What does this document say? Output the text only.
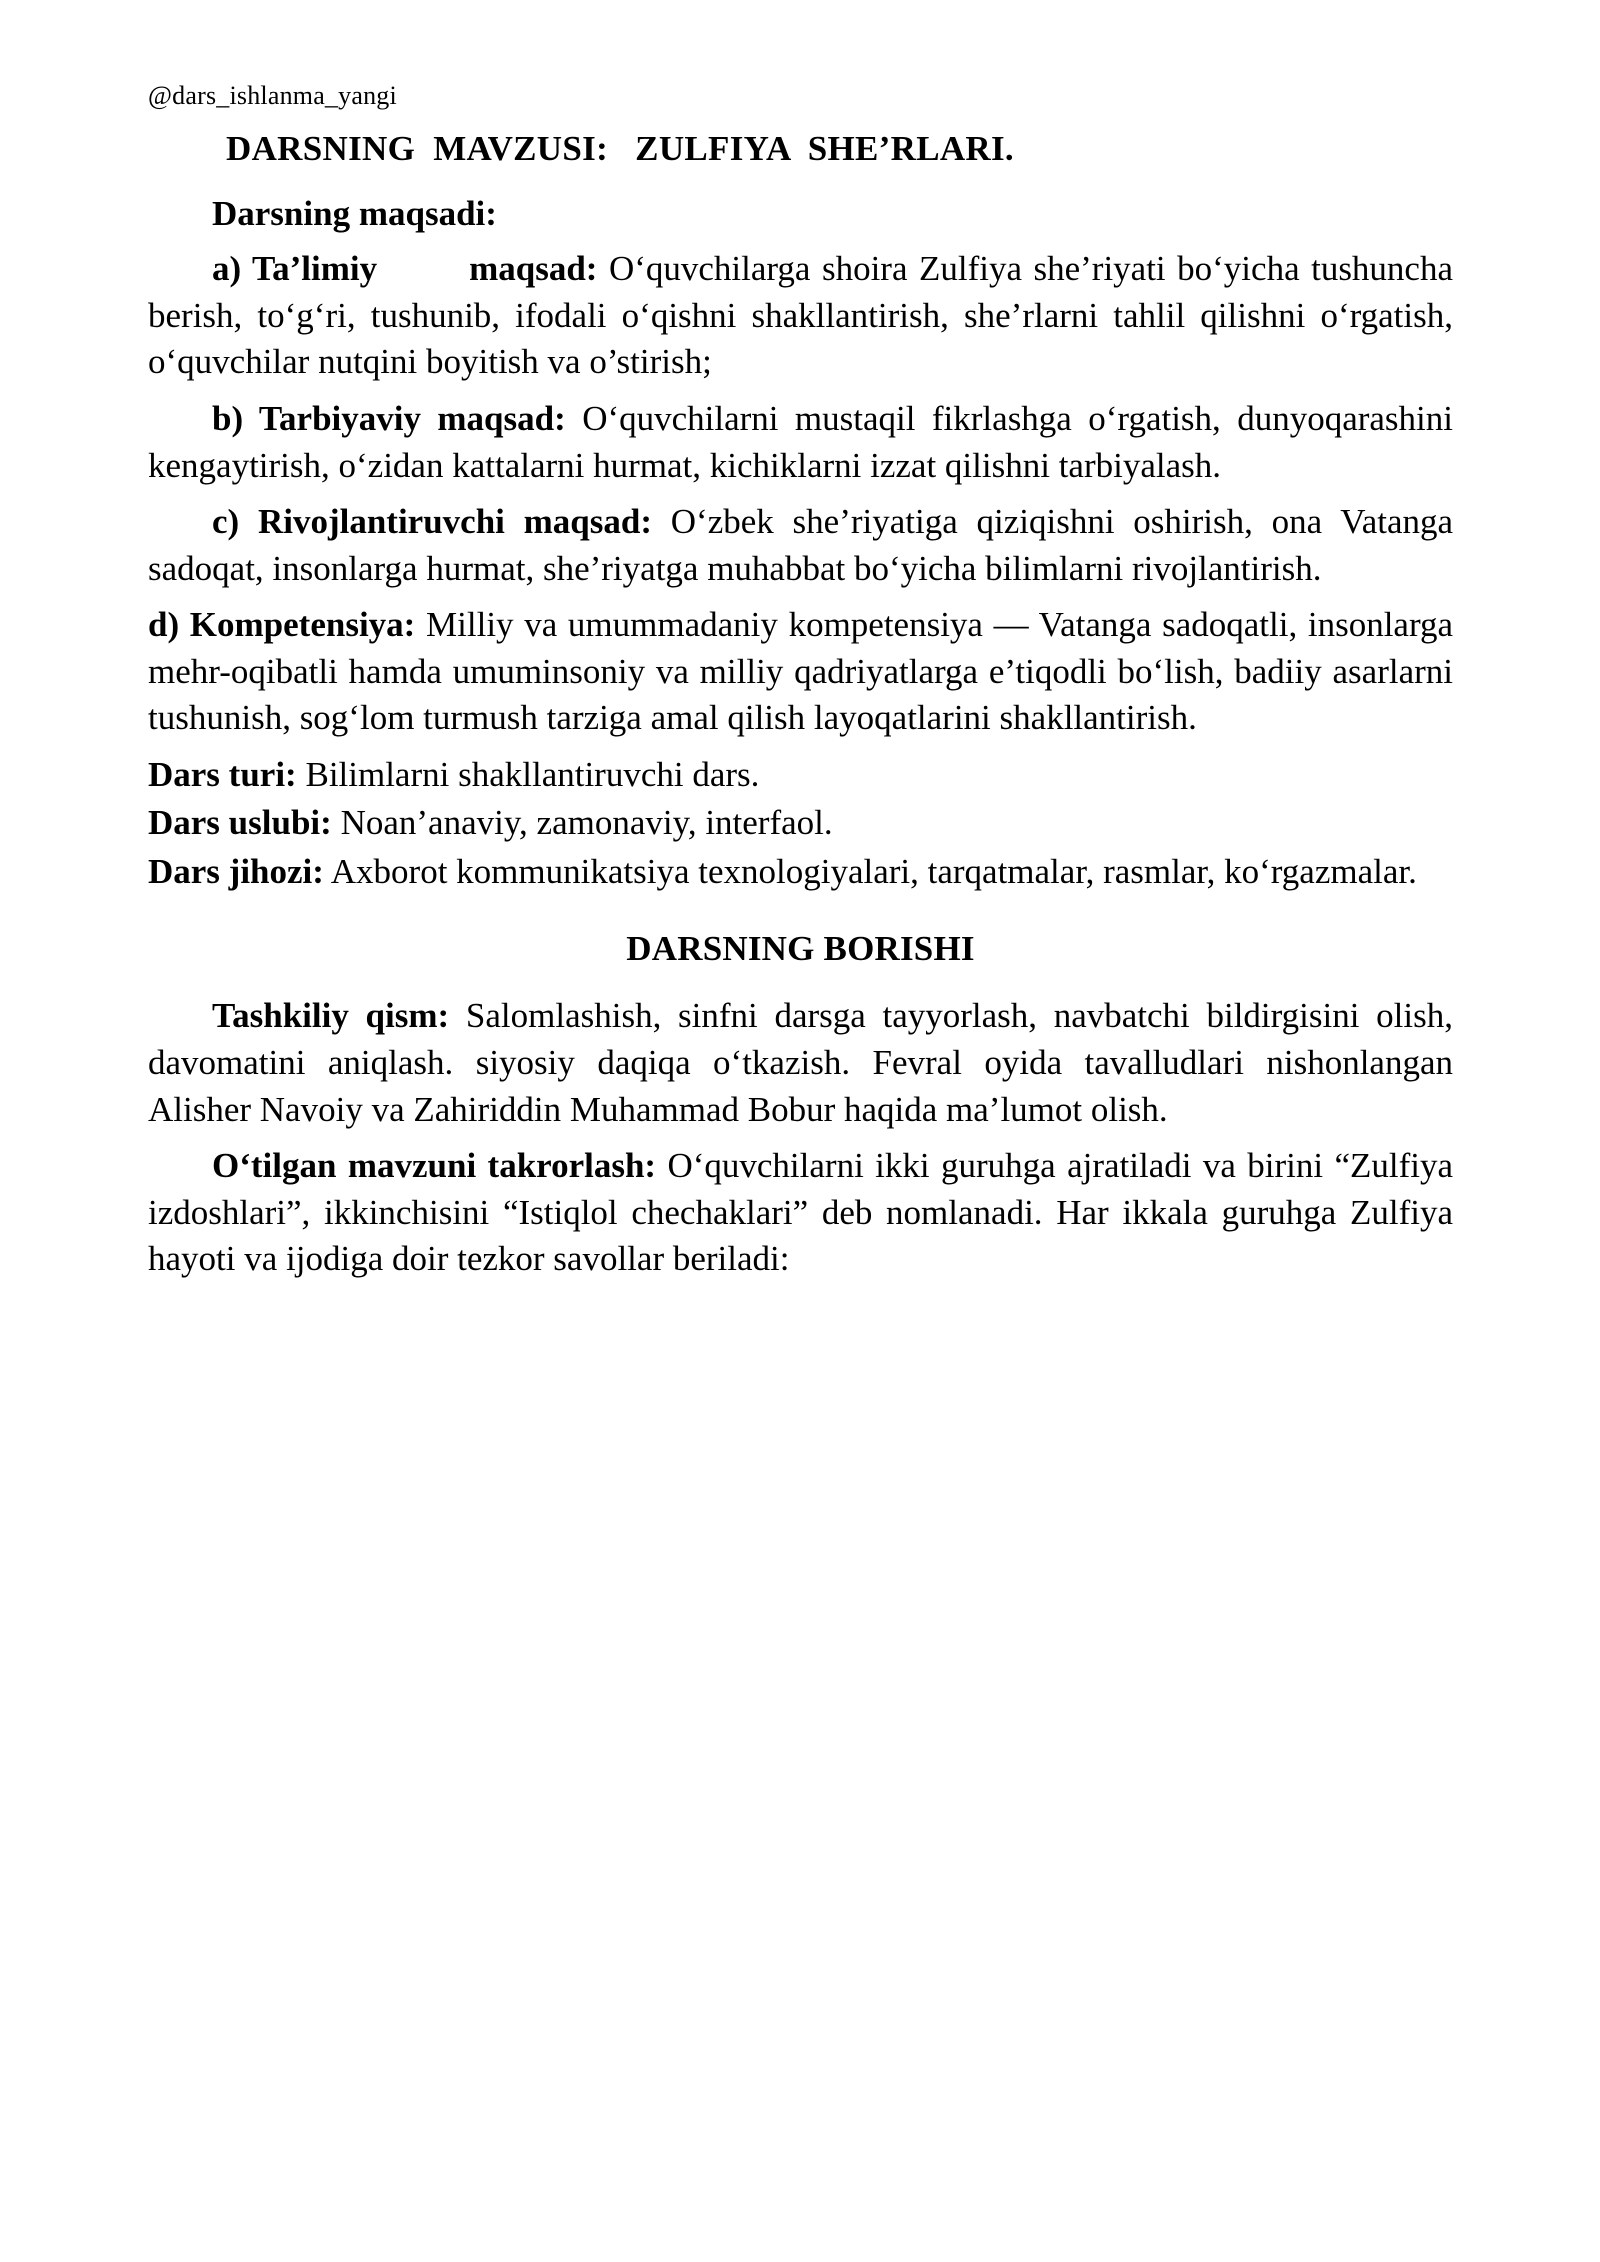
@dars_ishlanma_yangi
DARSNING  MAVZUSI:   ZULFIYA  SHE’RLARI.
Darsning maqsadi:

a) Ta’limiy	maqsad: O‘quvchilarga shoira Zulfiya she’riyati bo‘yicha tushuncha berish, to‘g‘ri, tushunib, ifodali o‘qishni shakllantirish, she’rlarni tahlil qilishni o‘rgatish, o‘quvchilar nutqini boyitish va o’stirish;

b) Tarbiyaviy maqsad: O‘quvchilarni mustaqil fikrlashga o‘rgatish, dunyoqarashini kengaytirish, o‘zidan kattalarni hurmat, kichiklarni izzat qilishni tarbiyalash.

c) Rivojlantiruvchi maqsad: O‘zbek she’riyatiga qiziqishni oshirish, ona Vatanga sadoqat, insonlarga hurmat, she’riyatga muhabbat bo‘yicha bilimlarni rivojlantirish.

d) Kompetensiya: Milliy va umummadaniy kompetensiya — Vatanga sadoqatli, insonlarga mehr-oqibatli hamda umuminsoniy va milliy qadriyatlarga e’tiqodli bo‘lish, badiiy asarlarni tushunish, sog‘lom turmush tarziga amal qilish layoqatlarini shakllantirish.

Dars turi: Bilimlarni shakllantiruvchi dars.

Dars uslubi: Noan’anaviy, zamonaviy, interfaol.

Dars jihozi: Axborot kommunikatsiya texnologiyalari, tarqatmalar, rasmlar, ko‘rgazmalar.

DARSNING BORISHI

Tashkiliy qism: Salomlashish, sinfni darsga tayyorlash, navbatchi bildirgisini olish, davomatini aniqlash. siyosiy daqiqa o‘tkazish. Fevral oyida tavalludlari nishonlangan Alisher Navoiy va Zahiriddin Muhammad Bobur haqida ma’lumot olish.

O‘tilgan mavzuni takrorlash: O‘quvchilarni ikki guruhga ajratiladi va birini “Zulfiya izdoshlari”, ikkinchisini “Istiqlol chechaklari” deb nomlanadi. Har ikkala guruhga Zulfiya hayoti va ijodiga doir tezkor savollar beriladi:
